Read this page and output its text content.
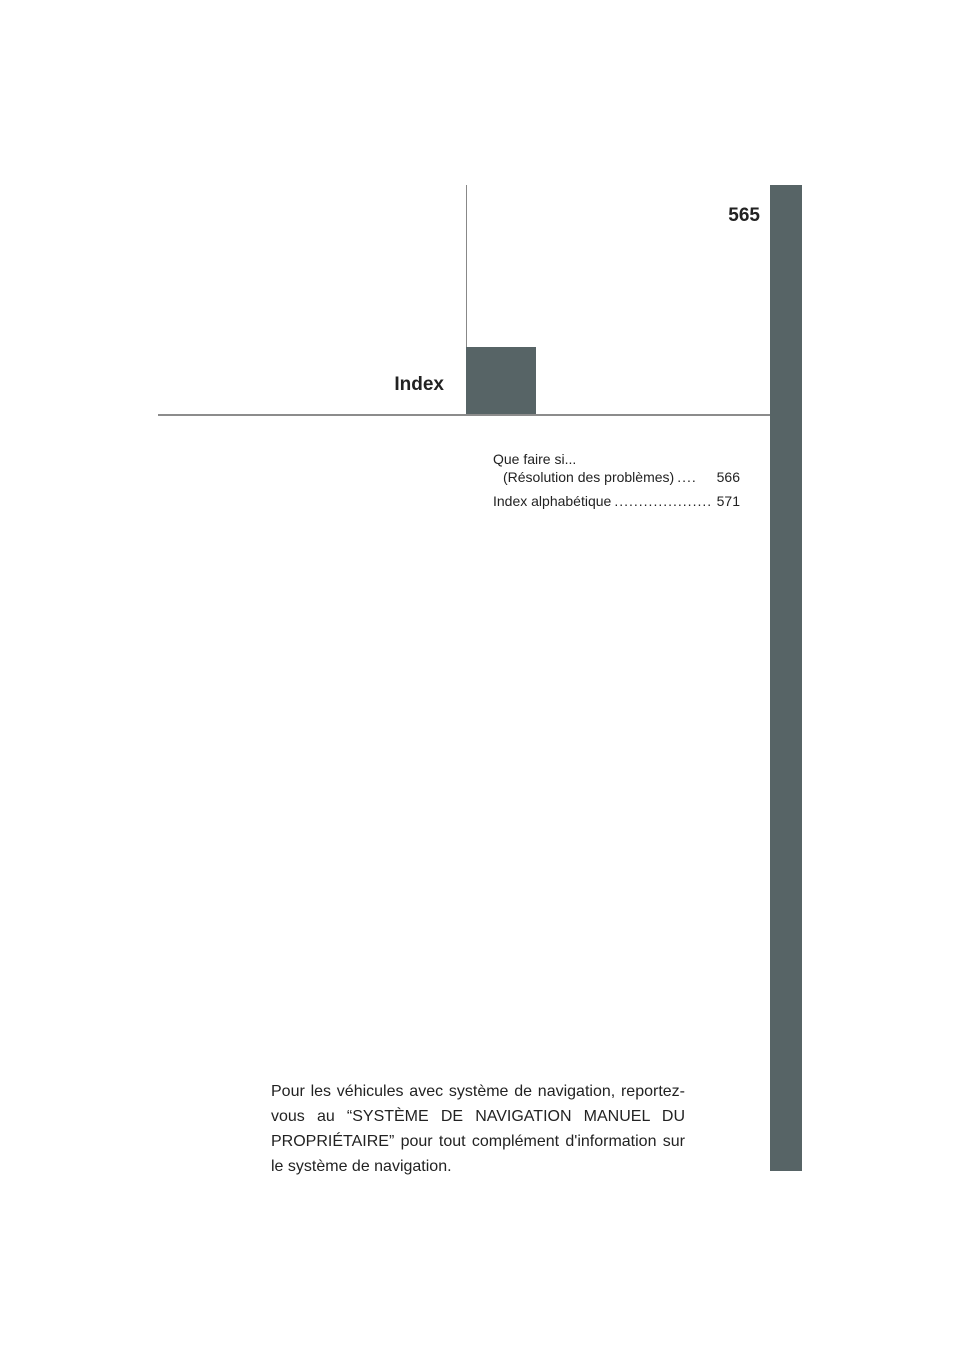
565
Index
Que faire si...
(Résolution des problèmes) ....	566
Index alphabétique .................... 571
Pour les véhicules avec système de navigation, reportez-vous au “SYSTÈME DE NAVIGATION MANUEL DU PROPRIÉTAIRE” pour tout complément d'information sur le système de navigation.
